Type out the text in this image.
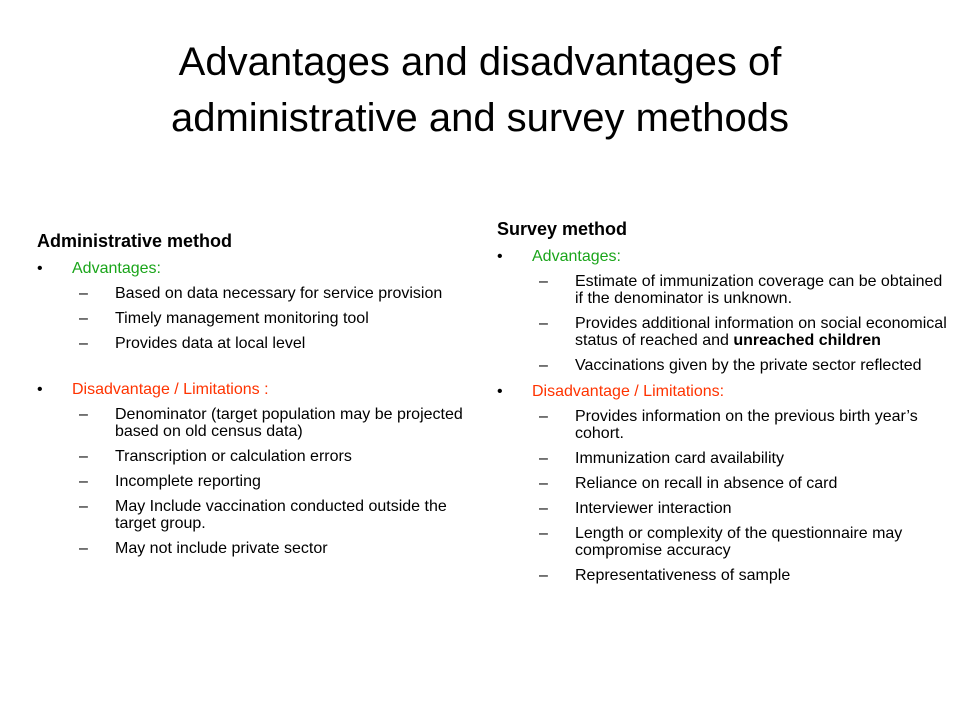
Advantages and disadvantages of
administrative and survey methods
Administrative method
• Advantages:
– Based on data necessary for service provision
– Timely management monitoring tool
– Provides data at local level
• Disadvantage / Limitations :
– Denominator (target population may be projected based on old census data)
– Transcription or calculation errors
– Incomplete reporting
– May Include vaccination conducted outside the target group.
– May not include private sector
Survey method
• Advantages:
– Estimate of immunization coverage can be obtained if the denominator is unknown.
– Provides additional information on social economical status of reached and unreached children
– Vaccinations given by the private sector reflected
• Disadvantage / Limitations:
– Provides information on the previous birth year’s cohort.
– Immunization card availability
– Reliance on recall in absence of card
– Interviewer interaction
– Length or complexity of the questionnaire may compromise accuracy
– Representativeness of sample
